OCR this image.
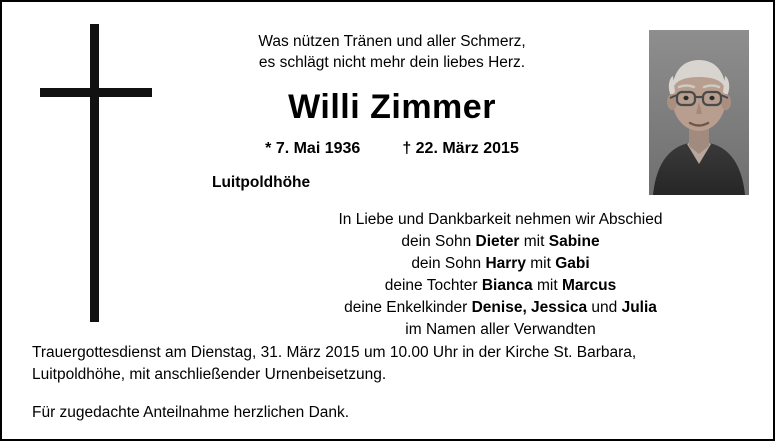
Was nützen Tränen und aller Schmerz,
es schlägt nicht mehr dein liebes Herz.
Willi Zimmer
* 7. Mai 1936	† 22. März 2015
Luitpoldhöhe
In Liebe und Dankbarkeit nehmen wir Abschied
dein Sohn Dieter mit Sabine
dein Sohn Harry mit Gabi
deine Tochter Bianca mit Marcus
deine Enkelkinder Denise, Jessica und Julia
im Namen aller Verwandten
Trauergottesdienst am Dienstag, 31. März 2015 um 10.00 Uhr in der Kirche St. Barbara,
Luitpoldhöhe, mit anschließender Urnenbeisetzung.
Für zugedachte Anteilnahme herzlichen Dank.
